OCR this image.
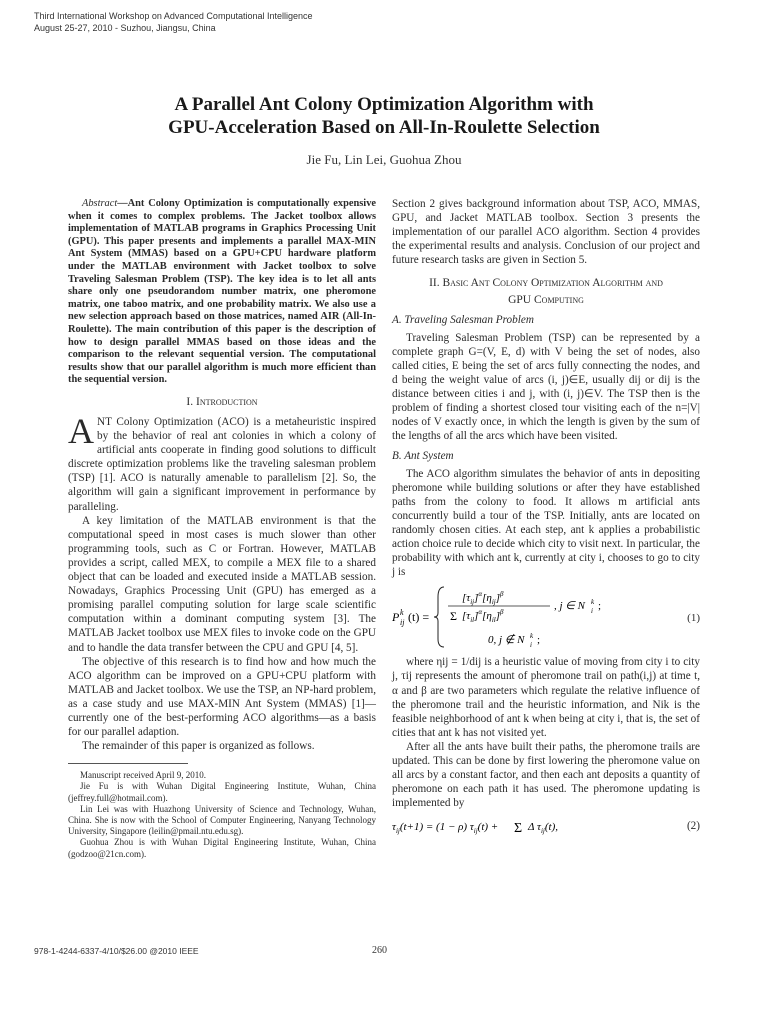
Third International Workshop on Advanced Computational Intelligence
August 25-27, 2010 - Suzhou, Jiangsu, China
A Parallel Ant Colony Optimization Algorithm with
GPU-Acceleration Based on All-In-Roulette Selection
Jie Fu, Lin Lei, Guohua Zhou

Abstract—Ant Colony Optimization is computationally expensive when it comes to complex problems. The Jacket toolbox allows implementation of MATLAB programs in Graphics Processing Unit (GPU). This paper presents and implements a parallel MAX-MIN Ant System (MMAS) based on a GPU+CPU hardware platform under the MATLAB environment with Jacket toolbox to solve Traveling Salesman Problem (TSP). The key idea is to let all ants share only one pseudorandom number matrix, one pheromone matrix, one taboo matrix, and one probability matrix. We also use a new selection approach based on those matrices, named AIR (All-In-Roulette). The main contribution of this paper is the description of how to design parallel MMAS based on those ideas and the comparison to the relevant sequential version. The computational results show that our parallel algorithm is much more efficient than the sequential version.

I. Introduction

ANT Colony Optimization (ACO) is a metaheuristic inspired by the behavior of real ant colonies in which a colony of artificial ants cooperate in finding good solutions to difficult discrete optimization problems like the traveling salesman problem (TSP) [1]. ACO is naturally amenable to parallelism [2]. So, the algorithm will gain a significant improvement in performance by paralleling.

A key limitation of the MATLAB environment is that the computational speed in most cases is much slower than other programming tools, such as C or Fortran. However, MATLAB provides a script, called MEX, to compile a MEX file to a shared object that can be loaded and executed inside a MATLAB session. Nowadays, Graphics Processing Unit (GPU) has emerged as a promising parallel computing solution for large scale scientific computation within a dominant computing system [3]. The MATLAB Jacket toolbox use MEX files to invoke code on the GPU and to handle the data transfer between the CPU and GPU [4, 5].

The objective of this research is to find how and how much the ACO algorithm can be improved on a GPU+CPU platform with MATLAB and Jacket toolbox. We use the TSP, an NP-hard problem, as a case study and use MAX-MIN Ant System (MMAS) [1]—currently one of the best-performing ACO algorithms—as a basis for our parallel adaption.

The remainder of this paper is organized as follows.

Manuscript received April 9, 2010.

Jie Fu is with Wuhan Digital Engineering Institute, Wuhan, China (jeffrey.full@hotmail.com).

Lin Lei was with Huazhong University of Science and Technology, Wuhan, China. She is now with the School of Computer Engineering, Nanyang Technology University, Singapore (leilin@pmail.ntu.edu.sg).

Guohua Zhou is with Wuhan Digital Engineering Institute, Wuhan, China (godzoo@21cn.com).

Section 2 gives background information about TSP, ACO, MMAS, GPU, and Jacket MATLAB toolbox. Section 3 presents the implementation of our parallel ACO algorithm. Section 4 provides the experimental results and analysis. Conclusion of our project and future research tasks are given in Section 5.

II. Basic Ant Colony Optimization Algorithm and
GPU Computing
A. Traveling Salesman Problem

Traveling Salesman Problem (TSP) can be represented by a complete graph G=(V, E, d) with V being the set of nodes, also called cities, E being the set of arcs fully connecting the nodes, and d being the weight value of arcs (i, j)∈E, usually dij or dij is the distance between cities i and j, with (i, j)∈V. The TSP then is the problem of finding a shortest closed tour visiting each of the n=|V| nodes of V exactly once, in which the length is given by the sum of the lengths of all the arcs which have been visited.

B. Ant System

The ACO algorithm simulates the behavior of ants in depositing pheromone while building solutions or after they have established paths from the colony to food. It allows m artificial ants concurrently build a tour of the TSP. Initially, ants are located on randomly chosen cities. At each step, ant k applies a probabilistic action choice rule to decide which city to visit next. In particular, the probability with which ant k, currently at city i, chooses to go to city j is

P k
ij (t) =
$[\tau_{ij}]^\alpha[\eta_{ij}]^\beta$
Σ $[\tau_{il}]^\alpha[\eta_{il}]^\beta$	, j ∈ N k
i ;
0, j ∉ N k
i ;
(1)

where ηij = 1/dij is a heuristic value of moving from city i to city j, τij represents the amount of pheromone trail on path(i,j) at time t, α and β are two parameters which regulate the relative influence of the pheromone trail and the heuristic information, and Nik is the feasible neighborhood of ant k when being at city i, that is, the set of cities that ant k has not visited yet.

After all the ants have built their paths, the pheromone trails are updated. This can be done by first lowering the pheromone value on all arcs by a constant factor, and then each ant deposits a quantity of pheromone on each path it has used. The pheromone updating is implemented by

$\tau_{ij}(t+1) = (1 - \rho) \tau_{ij}(t) + \Sigma$ Δ $\tau_{ij}(t)$,	(2)
978-1-4244-6337-4/10/$26.00 @2010 IEEE	260
